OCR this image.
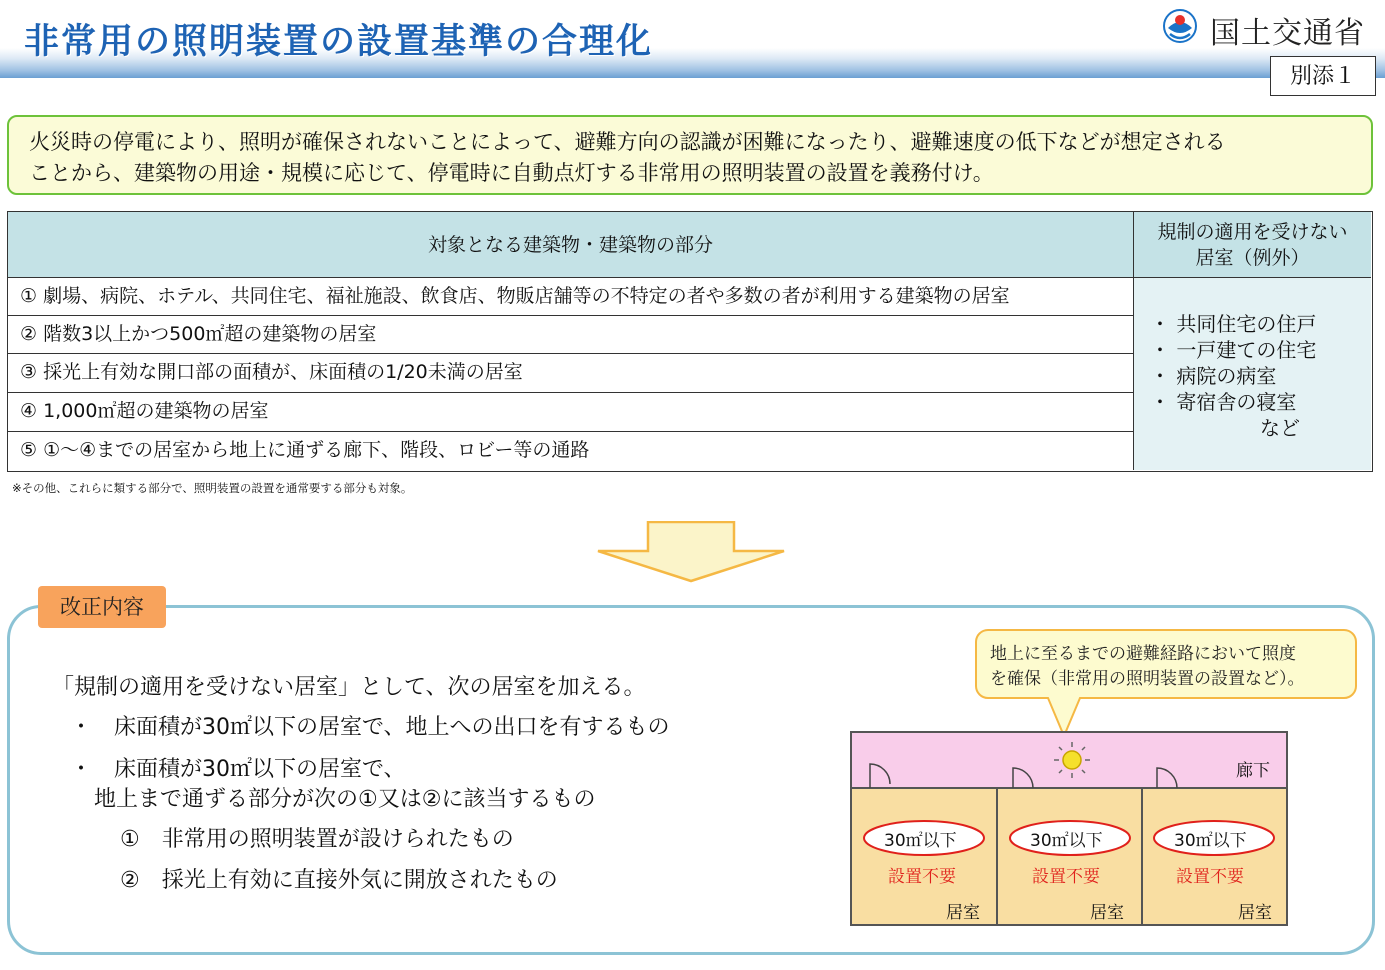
非常用の照明装置の設置基準の合理化	国土交通省
別添１
火災時の停電により、照明が確保されないことによって、避難方向の認識が困難になったり、避難速度の低下などが想定される
ことから、建築物の用途・規模に応じて、停電時に自動点灯する非常用の照明装置の設置を義務付け。
対象となる建築物・建築物の部分
規制の適用を受けない
居室（例外）
① 劇場、病院、ホテル、共同住宅、福祉施設、飲食店、物販店舗等の不特定の者や多数の者が利用する建築物の居室
② 階数3以上かつ500㎡超の建築物の居室
③ 採光上有効な開口部の面積が、床面積の1/20未満の居室
④ 1,000㎡超の建築物の居室
⑤ ①～④までの居室から地上に通ずる廊下、階段、ロビー等の通路
・ 共同住宅の住戸
・ 一戸建ての住宅
・ 病院の病室
・ 寄宿舎の寝室
など
※その他、これらに類する部分で、照明装置の設置を通常要する部分も対象。
改正内容
「規制の適用を受けない居室」として、次の居室を加える。
・　床面積が30㎡以下の居室で、地上への出口を有するもの
・　床面積が30㎡以下の居室で、
地上まで通ずる部分が次の①又は②に該当するもの
①　非常用の照明装置が設けられたもの
②　採光上有効に直接外気に開放されたもの
地上に至るまでの避難経路において照度
を確保（非常用の照明装置の設置など）。
廊下
30㎡以下
設置不要
居室
30㎡以下
設置不要
居室
30㎡以下
設置不要
居室
